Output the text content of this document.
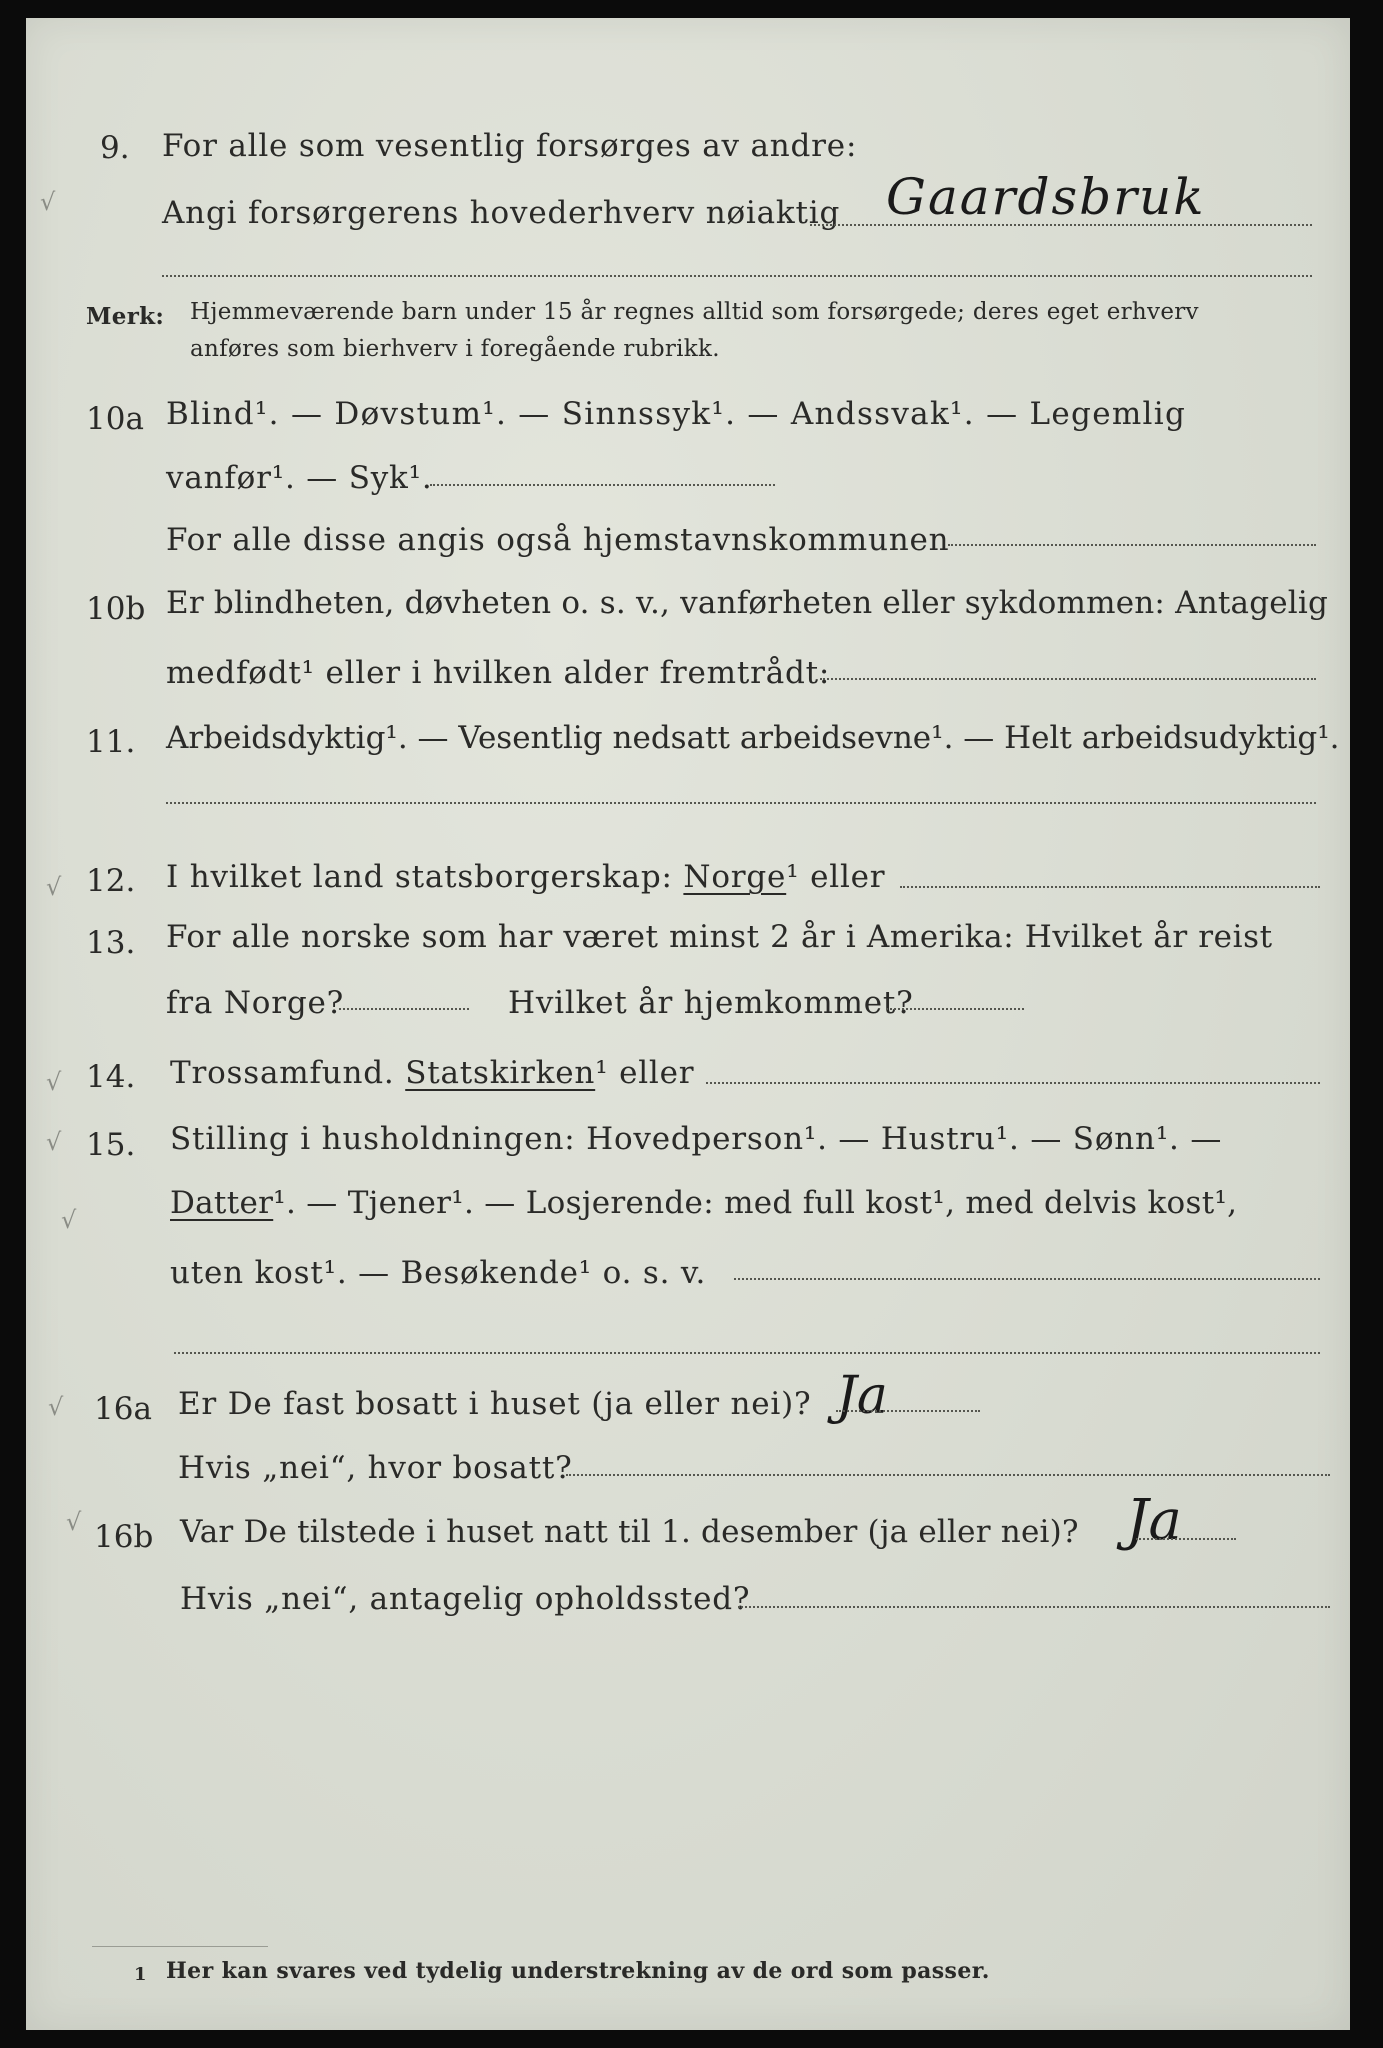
√
√
√
√
√
√
√
9. For alle som vesentlig forsørges av andre:
Angi forsørgerens hovederhverv nøiaktig Gaardsbruk
Merk: Hjemmeværende barn under 15 år regnes alltid som forsørgede; deres eget erhverv
anføres som bierhverv i foregående rubrikk.
10a Blind¹. — Døvstum¹. — Sinnssyk¹. — Andssvak¹. — Legemlig
vanfør¹. — Syk¹.
For alle disse angis også hjemstavnskommunen
10b Er blindheten, døvheten o. s. v., vanførheten eller sykdommen: Antagelig
medfødt¹ eller i hvilken alder fremtrådt:
11. Arbeidsdyktig¹. — Vesentlig nedsatt arbeidsevne¹. — Helt arbeidsudyktig¹.
12. I hvilket land statsborgerskap: Norge¹ eller
13. For alle norske som har været minst 2 år i Amerika: Hvilket år reist
fra Norge?	Hvilket år hjemkommet?
14. Trossamfund. Statskirken¹ eller
15. Stilling i husholdningen: Hovedperson¹. — Hustru¹. — Sønn¹. —
Datter¹. — Tjener¹. — Losjerende: med full kost¹, med delvis kost¹,
uten kost¹. — Besøkende¹ o. s. v.
16a Er De fast bosatt i huset (ja eller nei)? Ja
Hvis „nei“, hvor bosatt?
16b Var De tilstede i huset natt til 1. desember (ja eller nei)? Ja
Hvis „nei“, antagelig opholdssted?
1 Her kan svares ved tydelig understrekning av de ord som passer.
